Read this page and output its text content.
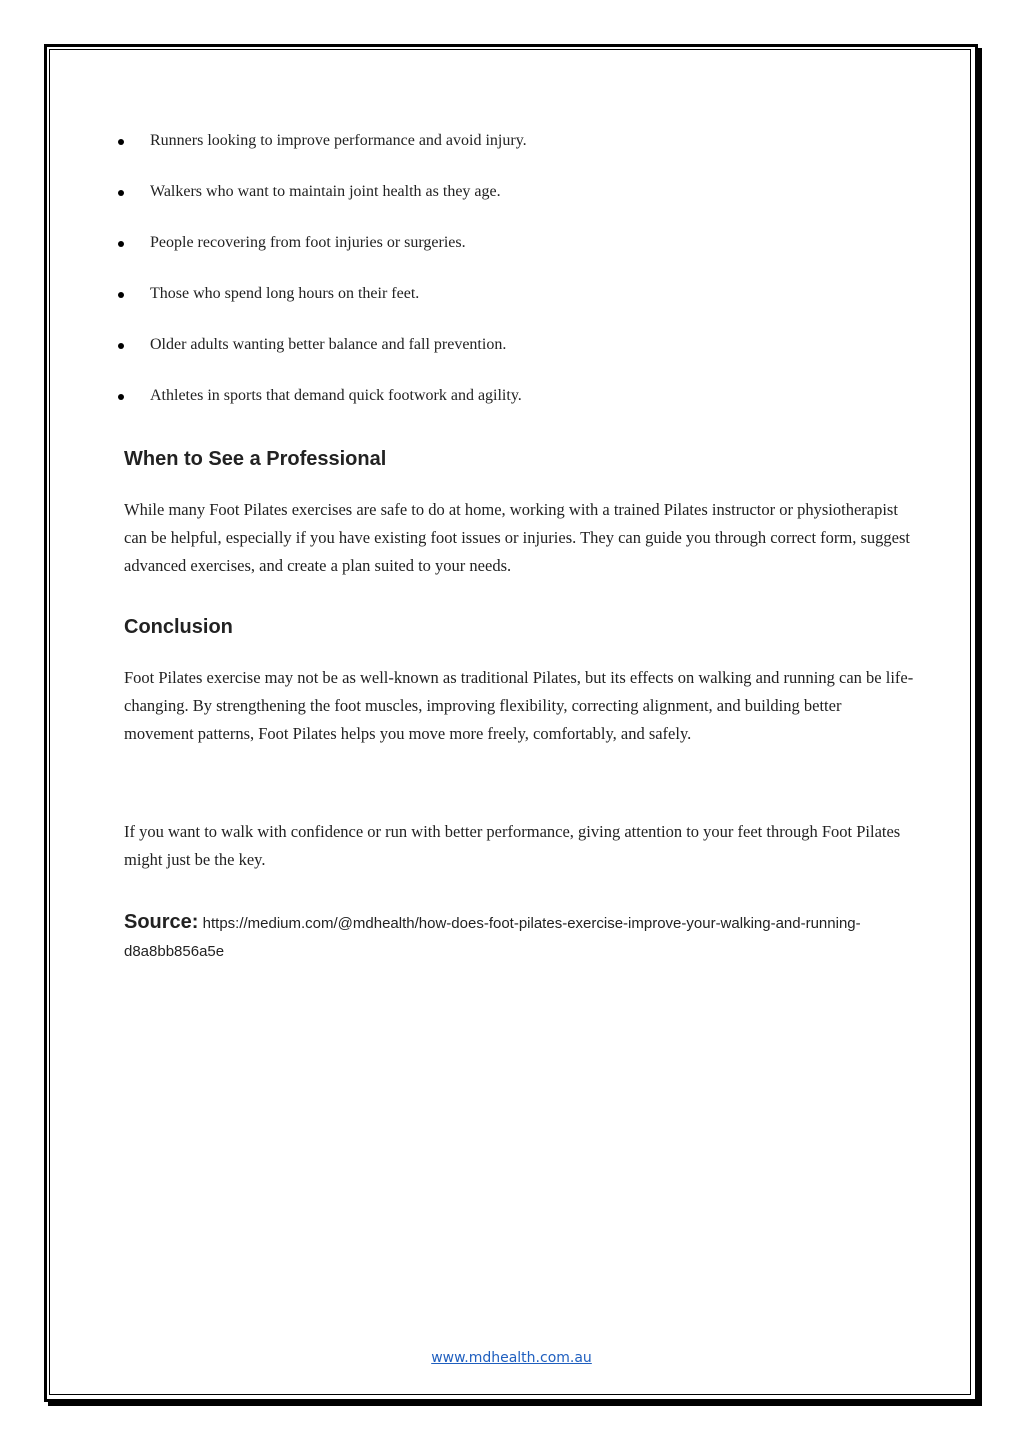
Runners looking to improve performance and avoid injury.
Walkers who want to maintain joint health as they age.
People recovering from foot injuries or surgeries.
Those who spend long hours on their feet.
Older adults wanting better balance and fall prevention.
Athletes in sports that demand quick footwork and agility.
When to See a Professional

While many Foot Pilates exercises are safe to do at home, working with a trained Pilates instructor or physiotherapist can be helpful, especially if you have existing foot issues or injuries. They can guide you through correct form, suggest advanced exercises, and create a plan suited to your needs.

Conclusion

Foot Pilates exercise may not be as well-known as traditional Pilates, but its effects on walking and running can be life-changing. By strengthening the foot muscles, improving flexibility, correcting alignment, and building better movement patterns, Foot Pilates helps you move more freely, comfortably, and safely.

If you want to walk with confidence or run with better performance, giving attention to your feet through Foot Pilates might just be the key.

Source: https://medium.com/@mdhealth/how-does-foot-pilates-exercise-improve-your-walking-and-running-d8a8bb856a5e

www.mdhealth.com.au
